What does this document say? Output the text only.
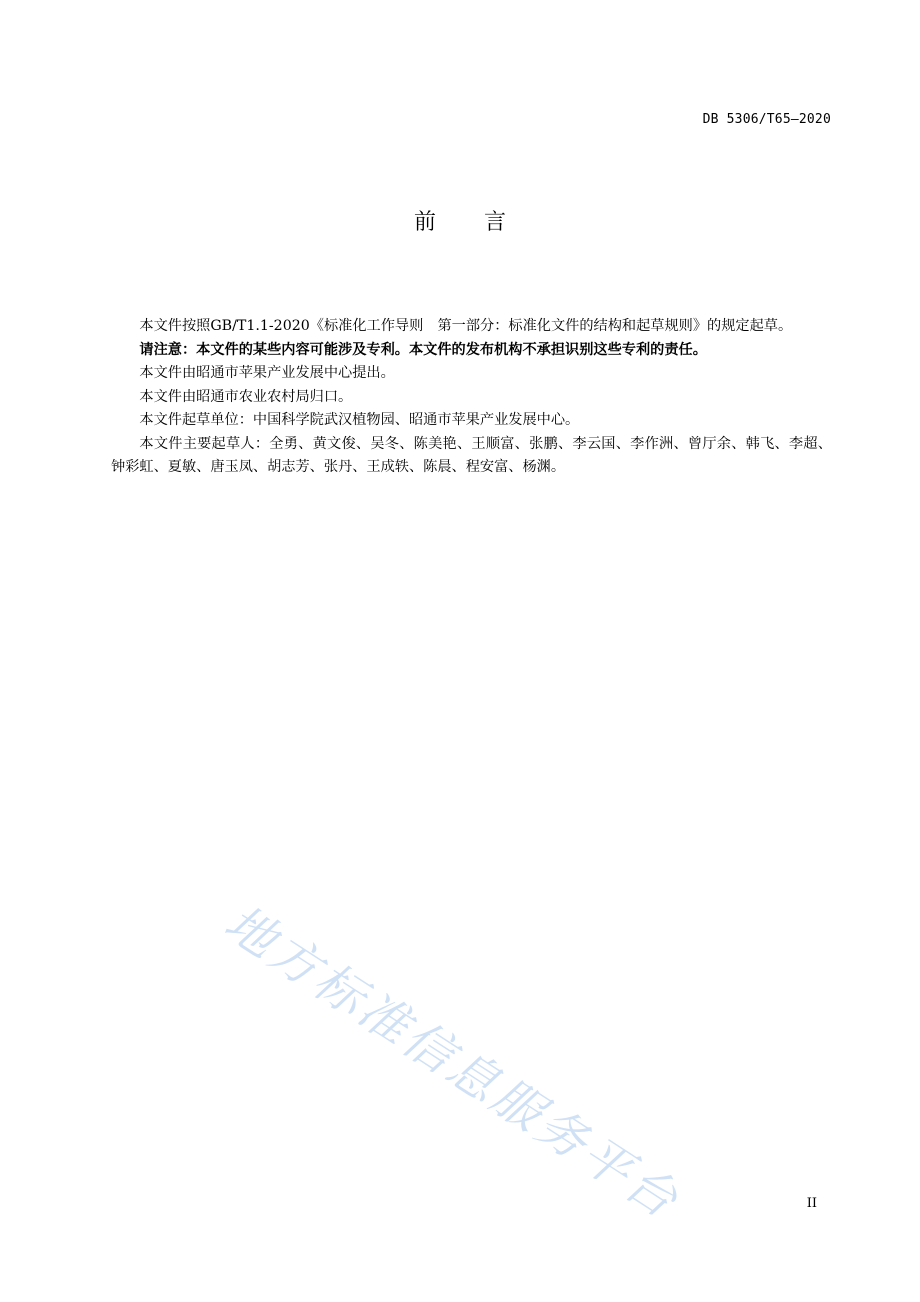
DB 5306/T65—2020
前言

本文件按照GB/T1.1-2020《标准化工作导则　第一部分：标准化文件的结构和起草规则》的规定起草。

请注意：本文件的某些内容可能涉及专利。本文件的发布机构不承担识别这些专利的责任。

本文件由昭通市苹果产业发展中心提出。

本文件由昭通市农业农村局归口。

本文件起草单位：中国科学院武汉植物园、昭通市苹果产业发展中心。

本文件主要起草人：全勇、黄文俊、吴冬、陈美艳、王顺富、张鹏、李云国、李作洲、曾厅余、韩飞、李超、钟彩虹、夏敏、唐玉凤、胡志芳、张丹、王成轶、陈晨、程安富、杨渊。

地方标准信息服务平台	II
